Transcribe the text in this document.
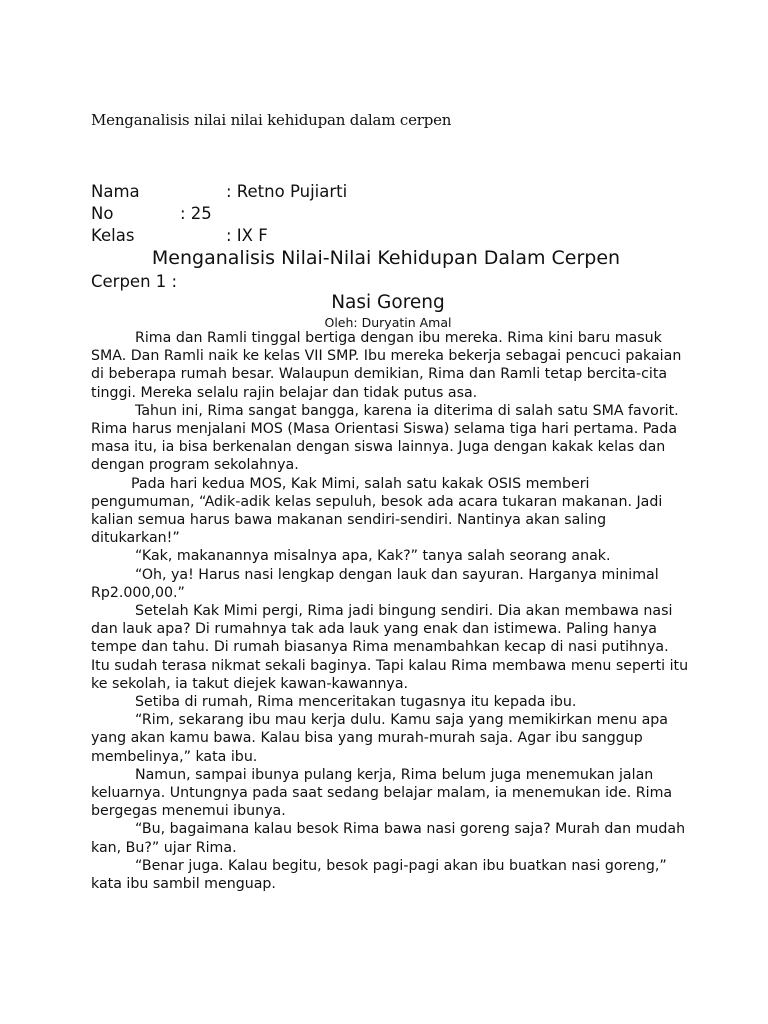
Menganalisis nilai nilai kehidupan dalam cerpen
Nama	: Retno Pujiarti
No	: 25
Kelas	: IX F
Menganalisis Nilai-Nilai Kehidupan Dalam Cerpen
Cerpen 1 :
Nasi Goreng
Oleh: Duryatin Amal

Rima dan Ramli tinggal bertiga dengan ibu mereka. Rima kini baru masuk SMA. Dan Ramli naik ke kelas VII SMP. Ibu mereka bekerja sebagai pencuci pakaian di beberapa rumah besar. Walaupun demikian, Rima dan Ramli tetap bercita-cita tinggi. Mereka selalu rajin belajar dan tidak putus asa.

Tahun ini, Rima sangat bangga, karena ia diterima di salah satu SMA favorit. Rima harus menjalani MOS (Masa Orientasi Siswa) selama tiga hari pertama. Pada masa itu, ia bisa berkenalan dengan siswa lainnya. Juga dengan kakak kelas dan dengan program sekolahnya.

Pada hari kedua MOS, Kak Mimi, salah satu kakak OSIS memberi pengumuman, “Adik-adik kelas sepuluh, besok ada acara tukaran makanan. Jadi kalian semua harus bawa makanan sendiri-sendiri. Nantinya akan saling ditukarkan!”

“Kak, makanannya misalnya apa, Kak?” tanya salah seorang anak.

“Oh, ya! Harus nasi lengkap dengan lauk dan sayuran. Harganya minimal Rp2.000,00.”

Setelah Kak Mimi pergi, Rima jadi bingung sendiri. Dia akan membawa nasi dan lauk apa? Di rumahnya tak ada lauk yang enak dan istimewa. Paling hanya tempe dan tahu. Di rumah biasanya Rima menambahkan kecap di nasi putihnya. Itu sudah terasa nikmat sekali baginya. Tapi kalau Rima membawa menu seperti itu ke sekolah, ia takut diejek kawan-kawannya.

Setiba di rumah, Rima menceritakan tugasnya itu kepada ibu.

“Rim, sekarang ibu mau kerja dulu. Kamu saja yang memikirkan menu apa yang akan kamu bawa. Kalau bisa yang murah-murah saja. Agar ibu sanggup membelinya,” kata ibu.

Namun, sampai ibunya pulang kerja, Rima belum juga menemukan jalan keluarnya. Untungnya pada saat sedang belajar malam, ia menemukan ide. Rima bergegas menemui ibunya.

“Bu, bagaimana kalau besok Rima bawa nasi goreng saja? Murah dan mudah kan, Bu?” ujar Rima.

“Benar juga. Kalau begitu, besok pagi-pagi akan ibu buatkan nasi goreng,” kata ibu sambil menguap.
